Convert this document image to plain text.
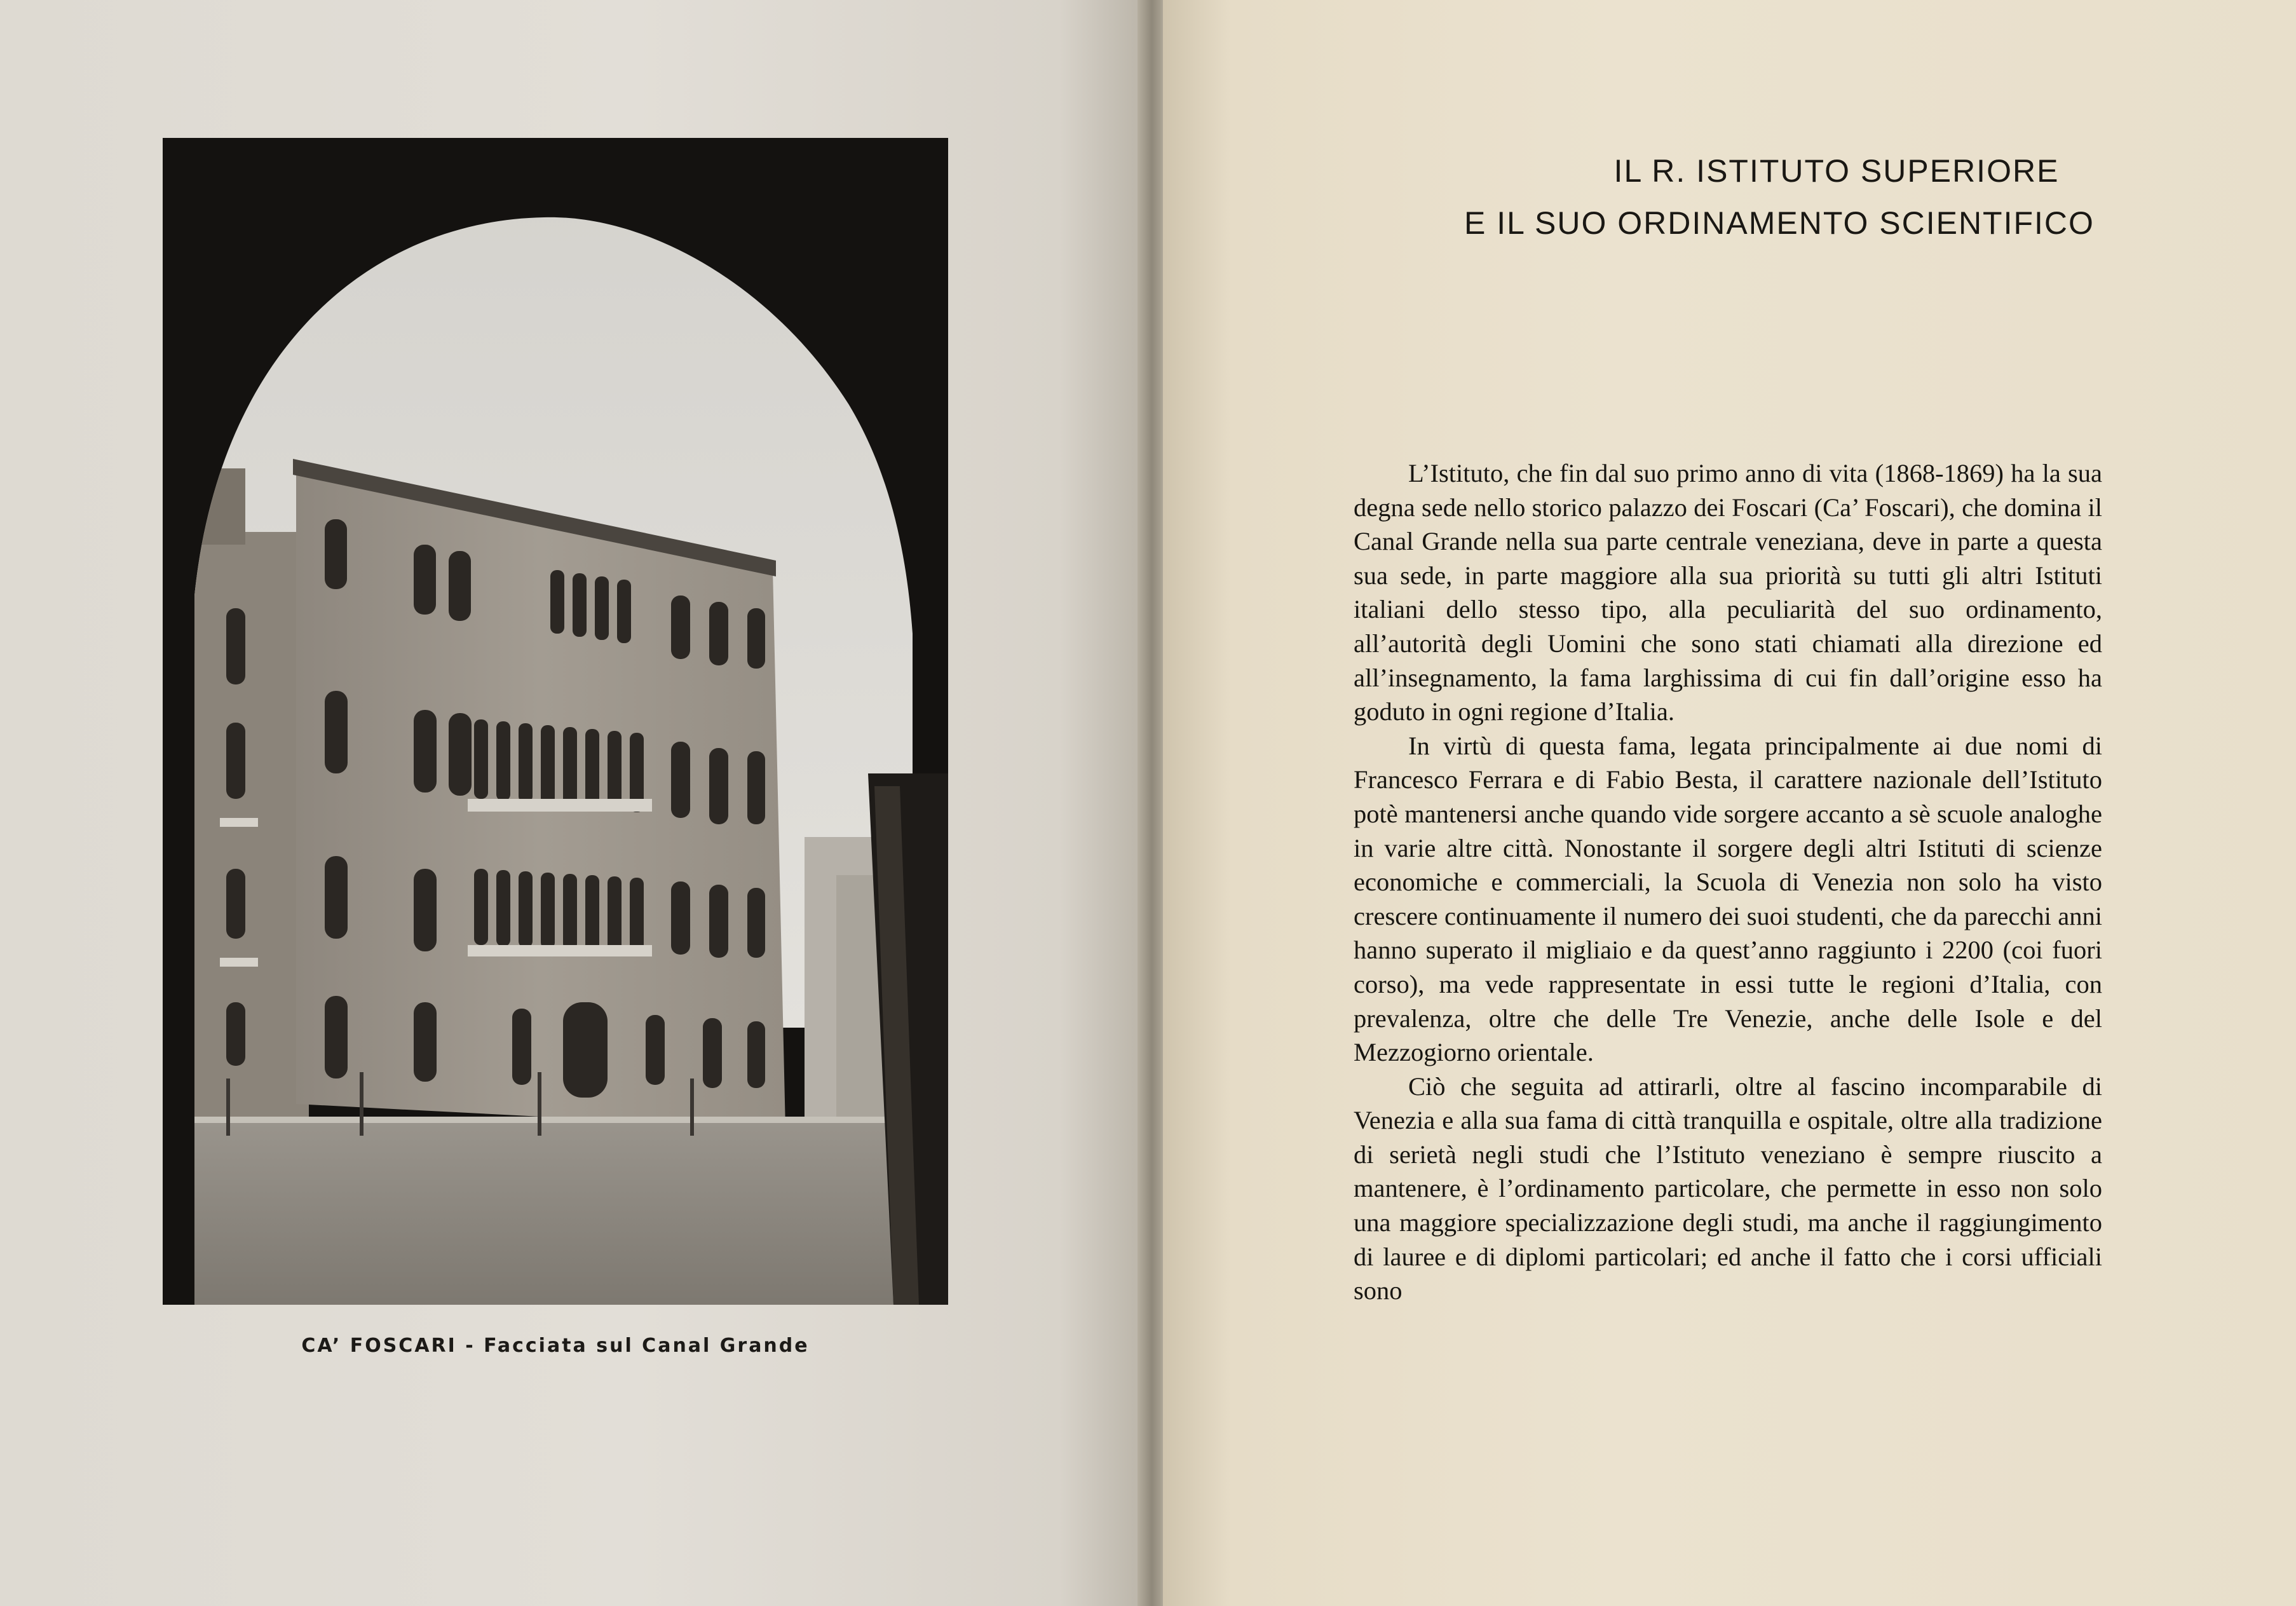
CA’ FOSCARI - Facciata sul Canal Grande
IL R. ISTITUTO SUPERIORE
E IL SUO ORDINAMENTO SCIENTIFICO

L’Istituto, che fin dal suo primo anno di vita (1868-1869) ha la sua degna sede nello storico palazzo dei Foscari (Ca’ Foscari), che domina il Canal Grande nella sua parte centrale veneziana, deve in parte a questa sua sede, in parte maggiore alla sua priorità su tutti gli altri Istituti italiani dello stesso tipo, alla peculiarità del suo ordinamento, all’autorità degli Uomini che sono stati chiamati alla direzione ed all’insegnamento, la fama larghissima di cui fin dall’origine esso ha goduto in ogni regione d’Italia.

In virtù di questa fama, legata principalmente ai due nomi di Francesco Ferrara e di Fabio Besta, il carattere nazionale dell’Istituto potè mantenersi anche quando vide sorgere accanto a sè scuole analoghe in varie altre città. Nonostante il sorgere degli altri Istituti di scienze economiche e commerciali, la Scuola di Venezia non solo ha visto crescere continuamente il numero dei suoi studenti, che da parecchi anni hanno superato il migliaio e da quest’anno raggiunto i 2200 (coi fuori corso), ma vede rappresentate in essi tutte le regioni d’Italia, con prevalenza, oltre che delle Tre Venezie, anche delle Isole e del Mezzogiorno orientale.

Ciò che seguita ad attirarli, oltre al fascino incomparabile di Venezia e alla sua fama di città tranquilla e ospitale, oltre alla tradizione di serietà negli studi che l’Istituto veneziano è sempre riuscito a mantenere, è l’ordinamento particolare, che permette in esso non solo una maggiore specializzazione degli studi, ma anche il raggiungimento di lauree e di diplomi particolari; ed anche il fatto che i corsi ufficiali sono
